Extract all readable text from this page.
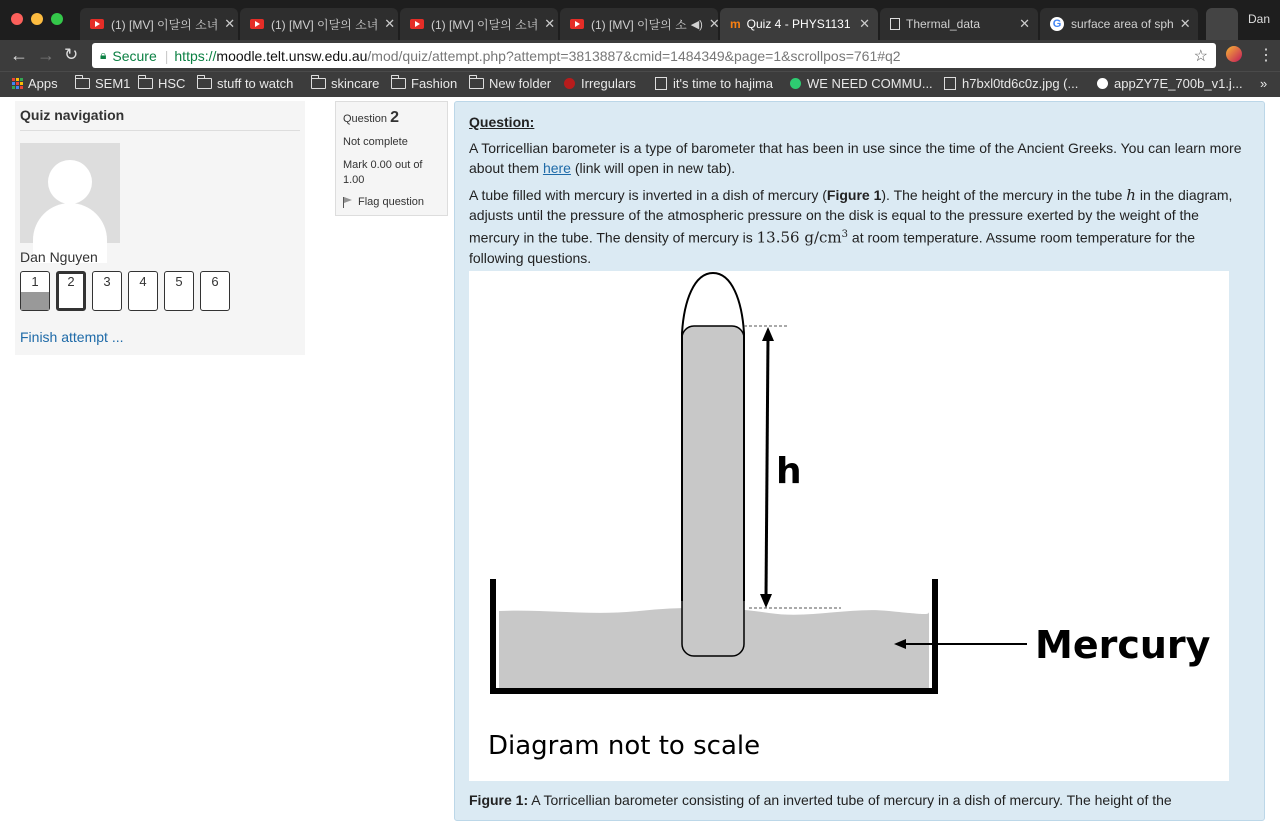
(1) [MV] 이달의 소녀 ✕	(1) [MV] 이달의 소녀 ✕	(1) [MV] 이달의 소녀 ✕	(1) [MV] 이달의 소 ◀︎) ✕ m Quiz 4 - PHYS1131 ✕	Thermal_data	✕ G surface area of sph ✕	Dan
← → ↻ 🔒︎ Secure | https:// moodle.telt.unsw.edu.au /mod/quiz/attempt.php?attempt=3813887&cmid=1484349&page=1&scrollpos=761#q2	☆	⋮
Apps	SEM1 HSC stuff to watch	skincare Fashion New folder Irregulars	it's time to hajima	WE NEED COMMU... h7bxl0td6c0z.jpg (...	appZY7E_700b_v1.j... »
Quiz navigation
Dan Nguyen
1	2	3	4	5	6
Finish attempt ...
Question 2

Not complete

Mark 0.00 out of 1.00

Flag question
Question:

A Torricellian barometer is a type of barometer that has been in use since the time of the Ancient Greeks. You can learn more about them here (link will open in new tab).

A tube filled with mercury is inverted in a dish of mercury (Figure 1). The height of the mercury in the tube h in the diagram, adjusts until the pressure of the atmospheric pressure on the disk is equal to the pressure exerted by the weight of the mercury in the tube. The density of mercury is 13.56 $g/cm^3$ at room temperature. Assume room temperature for the following questions.

h
Mercury
Diagram not to scale
Figure 1: A Torricellian barometer consisting of an inverted tube of mercury in a dish of mercury. The height of the
